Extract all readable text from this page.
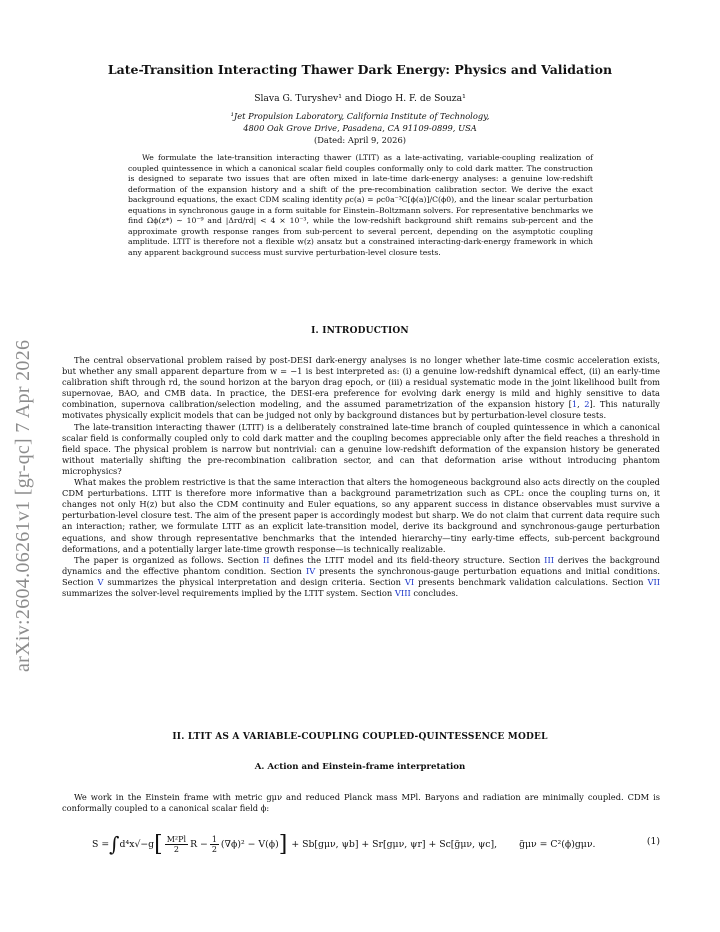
arXiv:2604.06261v1 [gr-qc] 7 Apr 2026
Late-Transition Interacting Thawer Dark Energy: Physics and Validation
Slava G. Turyshev¹ and Diogo H. F. de Souza¹
¹Jet Propulsion Laboratory, California Institute of Technology,
4800 Oak Grove Drive, Pasadena, CA 91109-0899, USA
(Dated: April 9, 2026)
We formulate the late-transition interacting thawer (LTIT) as a late-activating, variable-coupling realization of coupled quintessence in which a canonical scalar field couples conformally only to cold dark matter. The construction is designed to separate two issues that are often mixed in late-time dark-energy analyses: a genuine low-redshift deformation of the expansion history and a shift of the pre-recombination calibration sector. We derive the exact background equations, the exact CDM scaling identity ρc(a) = ρc0a⁻³C[ϕ(a)]/C(ϕ0), and the linear scalar perturbation equations in synchronous gauge in a form suitable for Einstein–Boltzmann solvers. For representative benchmarks we find Ωϕ(z*) ∼ 10⁻⁹ and |Δrd/rd| < 4 × 10⁻³, while the low-redshift background shift remains sub-percent and the approximate growth response ranges from sub-percent to several percent, depending on the asymptotic coupling amplitude. LTIT is therefore not a flexible w(z) ansatz but a constrained interacting-dark-energy framework in which any apparent background success must survive perturbation-level closure tests.
I. INTRODUCTION

The central observational problem raised by post-DESI dark-energy analyses is no longer whether late-time cosmic acceleration exists, but whether any small apparent departure from w = −1 is best interpreted as: (i) a genuine low-redshift dynamical effect, (ii) an early-time calibration shift through rd, the sound horizon at the baryon drag epoch, or (iii) a residual systematic mode in the joint likelihood built from supernovae, BAO, and CMB data. In practice, the DESI-era preference for evolving dark energy is mild and highly sensitive to data combination, supernova calibration/selection modeling, and the assumed parametrization of the expansion history [1, 2]. This naturally motivates physically explicit models that can be judged not only by background distances but by perturbation-level closure tests.

The late-transition interacting thawer (LTIT) is a deliberately constrained late-time branch of coupled quintessence in which a canonical scalar field is conformally coupled only to cold dark matter and the coupling becomes appreciable only after the field reaches a threshold in field space. The physical problem is narrow but nontrivial: can a genuine low-redshift deformation of the expansion history be generated without materially shifting the pre-recombination calibration sector, and can that deformation arise without introducing phantom microphysics?

What makes the problem restrictive is that the same interaction that alters the homogeneous background also acts directly on the coupled CDM perturbations. LTIT is therefore more informative than a background parametrization such as CPL: once the coupling turns on, it changes not only H(z) but also the CDM continuity and Euler equations, so any apparent success in distance observables must survive a perturbation-level closure test. The aim of the present paper is accordingly modest but sharp. We do not claim that current data require such an interaction; rather, we formulate LTIT as an explicit late-transition model, derive its background and synchronous-gauge perturbation equations, and show through representative benchmarks that the intended hierarchy—tiny early-time effects, sub-percent background deformations, and a potentially larger late-time growth response—is technically realizable.

The paper is organized as follows. Section II defines the LTIT model and its field-theory structure. Section III derives the background dynamics and the effective phantom condition. Section IV presents the synchronous-gauge perturbation equations and initial conditions. Section V summarizes the physical interpretation and design criteria. Section VI presents benchmark validation calculations. Section VII summarizes the solver-level requirements implied by the LTIT system. Section VIII concludes.

II. LTIT AS A VARIABLE-COUPLING COUPLED-QUINTESSENCE MODEL
A. Action and Einstein-frame interpretation
We work in the Einstein frame with metric gμν and reduced Planck mass MPl. Baryons and radiation are minimally coupled. CDM is conformally coupled to a canonical scalar field ϕ:
S = ∫ d⁴x√−g [ $\frac{\text{M²Pl}}{2}$ $R - \frac{1}{2} (\nabla\phi)^2 - V(\phi)$ ] + Sb[gμν, ψb] + Sr[gμν, ψr] + Sc[g̃μν, ψc], g̃μν = C²(ϕ)gμν.	(1)
